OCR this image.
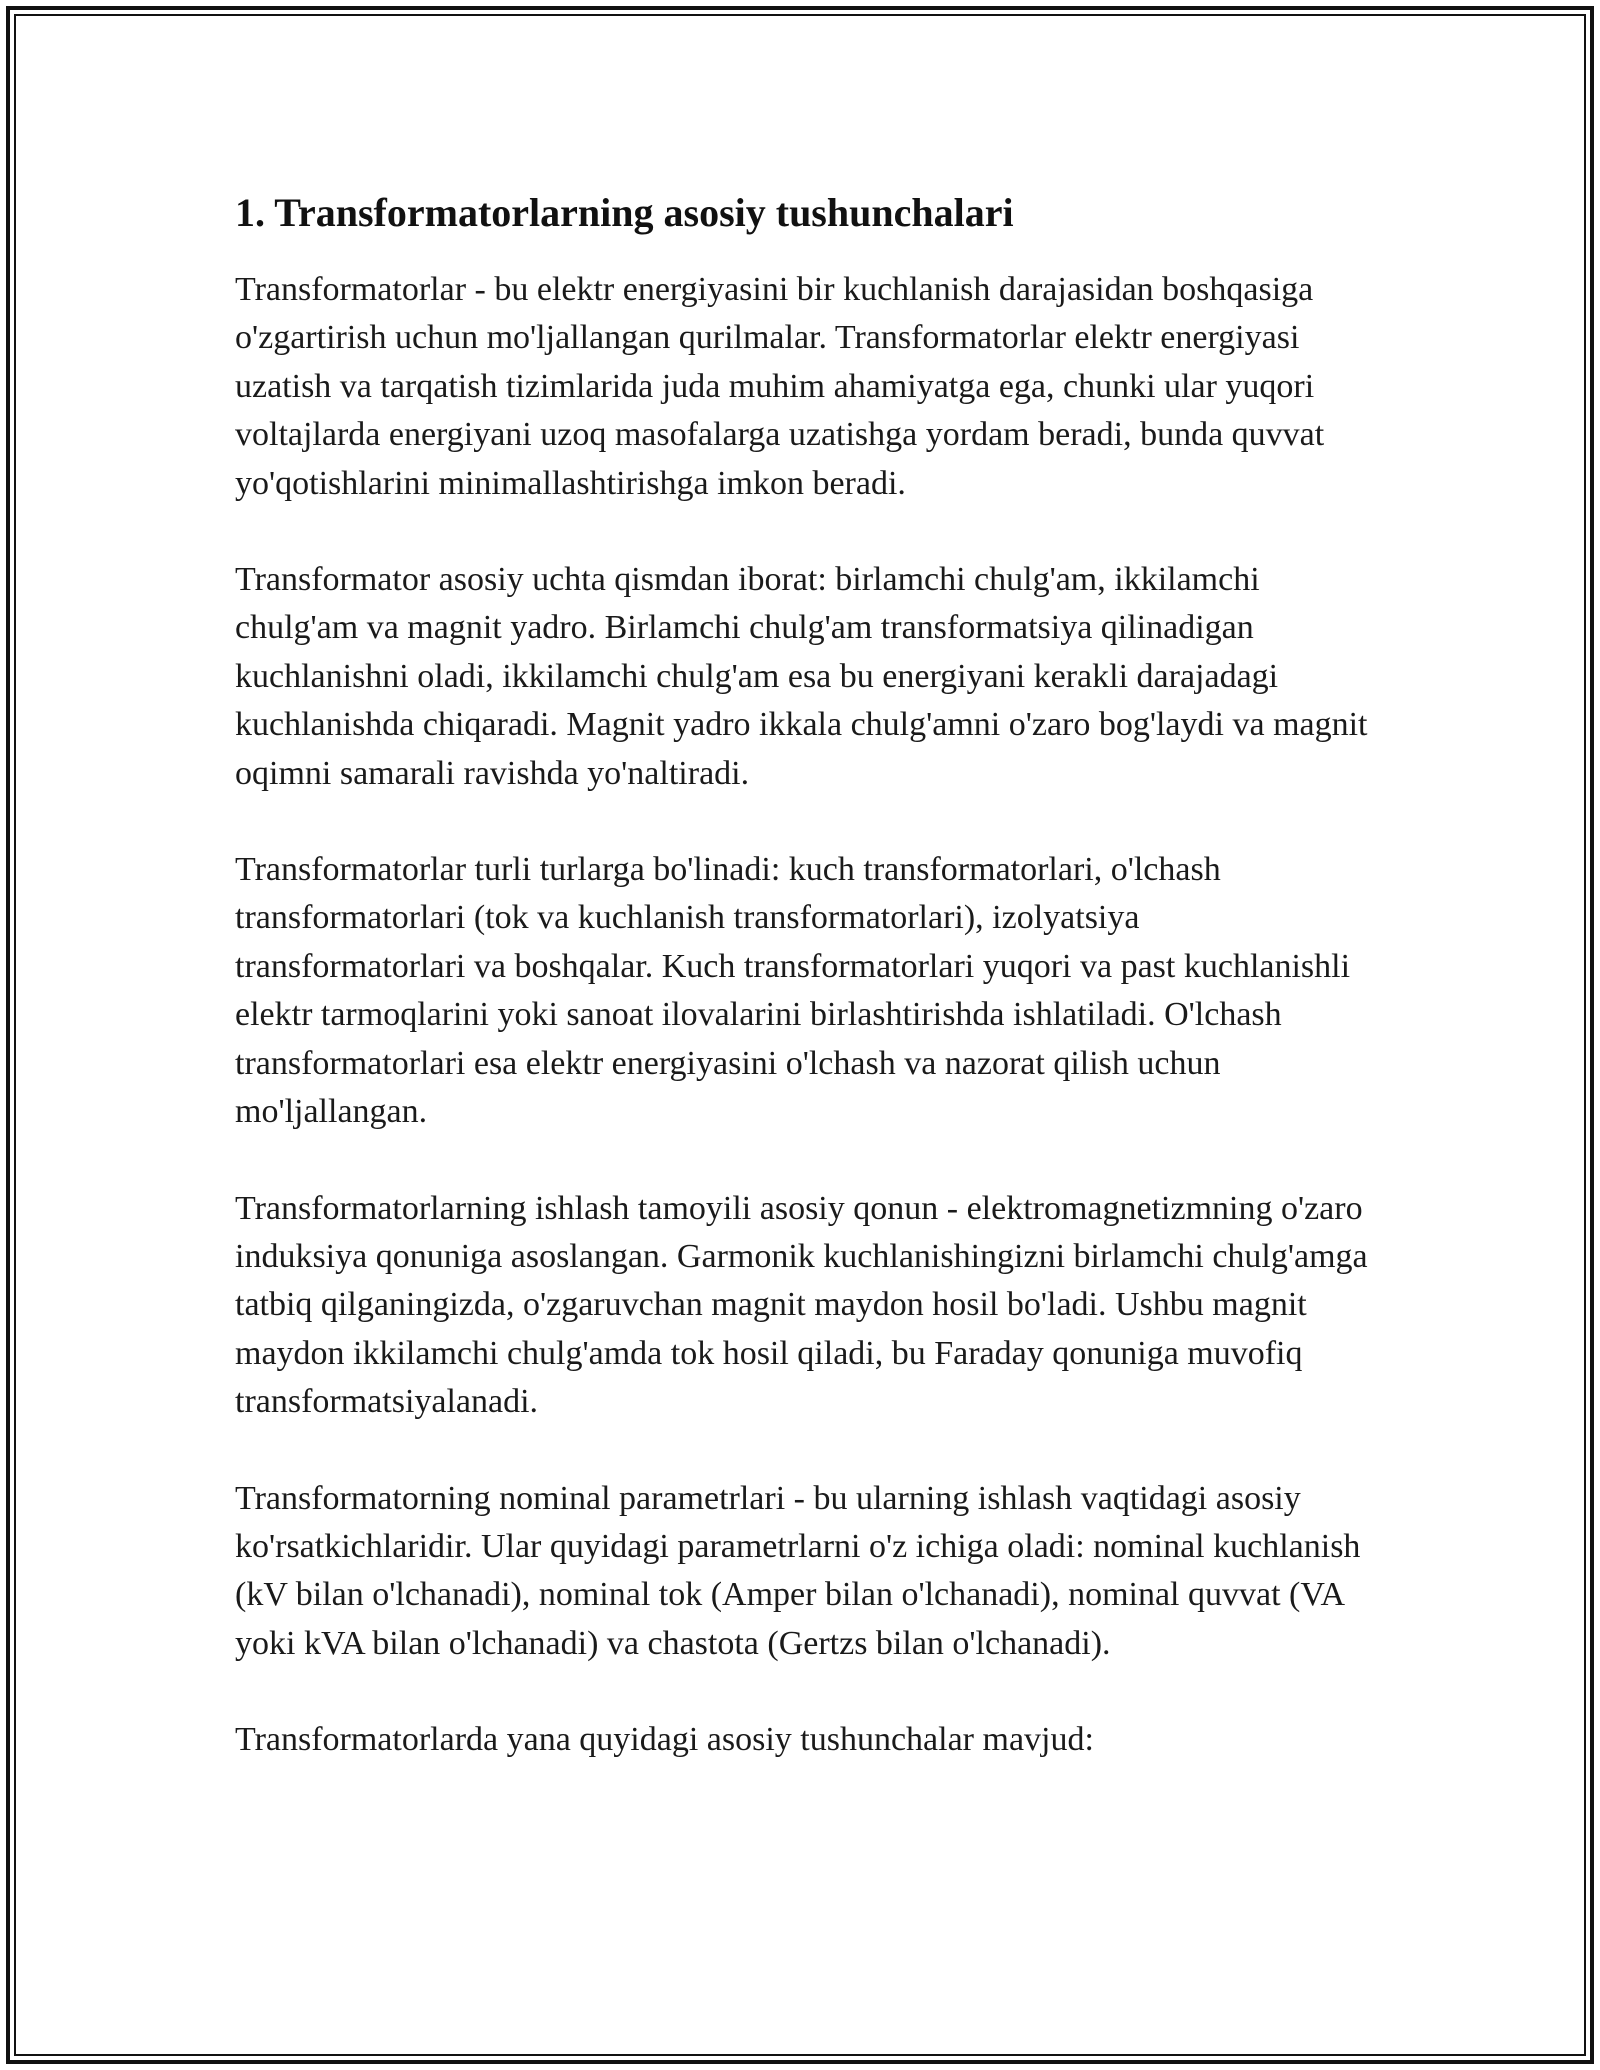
1. Transformatorlarning asosiy tushunchalari

Transformatorlar - bu elektr energiyasini bir kuchlanish darajasidan boshqasiga o'zgartirish uchun mo'ljallangan qurilmalar. Transformatorlar elektr energiyasi uzatish va tarqatish tizimlarida juda muhim ahamiyatga ega, chunki ular yuqori voltajlarda energiyani uzoq masofalarga uzatishga yordam beradi, bunda quvvat yo'qotishlarini minimallashtirishga imkon beradi.

Transformator asosiy uchta qismdan iborat: birlamchi chulg'am, ikkilamchi chulg'am va magnit yadro. Birlamchi chulg'am transformatsiya qilinadigan kuchlanishni oladi, ikkilamchi chulg'am esa bu energiyani kerakli darajadagi kuchlanishda chiqaradi. Magnit yadro ikkala chulg'amni o'zaro bog'laydi va magnit oqimni samarali ravishda yo'naltiradi.

Transformatorlar turli turlarga bo'linadi: kuch transformatorlari, o'lchash transformatorlari (tok va kuchlanish transformatorlari), izolyatsiya transformatorlari va boshqalar. Kuch transformatorlari yuqori va past kuchlanishli elektr tarmoqlarini yoki sanoat ilovalarini birlashtirishda ishlatiladi. O'lchash transformatorlari esa elektr energiyasini o'lchash va nazorat qilish uchun mo'ljallangan.

Transformatorlarning ishlash tamoyili asosiy qonun - elektromagnetizmning o'zaro induksiya qonuniga asoslangan. Garmonik kuchlanishingizni birlamchi chulg'amga tatbiq qilganingizda, o'zgaruvchan magnit maydon hosil bo'ladi. Ushbu magnit maydon ikkilamchi chulg'amda tok hosil qiladi, bu Faraday qonuniga muvofiq transformatsiyalanadi.

Transformatorning nominal parametrlari - bu ularning ishlash vaqtidagi asosiy ko'rsatkichlaridir. Ular quyidagi parametrlarni o'z ichiga oladi: nominal kuchlanish (kV bilan o'lchanadi), nominal tok (Amper bilan o'lchanadi), nominal quvvat (VA yoki kVA bilan o'lchanadi) va chastota (Gertzs bilan o'lchanadi).

Transformatorlarda yana quyidagi asosiy tushunchalar mavjud:
